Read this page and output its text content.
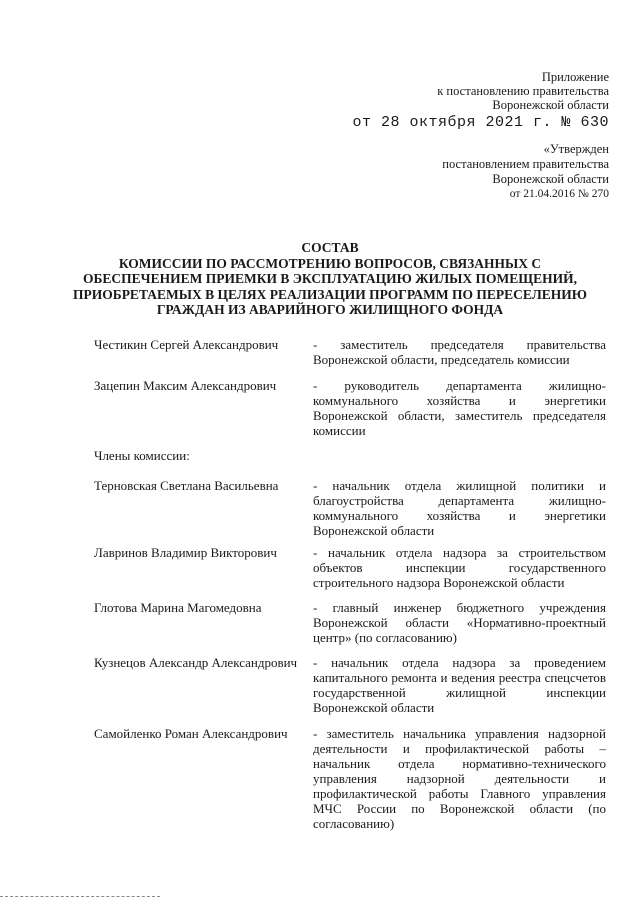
Приложение
к постановлению правительства
Воронежской области
от 28 октября 2021 г. № 630
«Утвержден
постановлением правительства
Воронежской области
от 21.04.2016 № 270
СОСТАВ
КОМИССИИ ПО РАССМОТРЕНИЮ ВОПРОСОВ, СВЯЗАННЫХ С
ОБЕСПЕЧЕНИЕМ ПРИЕМКИ В ЭКСПЛУАТАЦИЮ ЖИЛЫХ ПОМЕЩЕНИЙ,
ПРИОБРЕТАЕМЫХ В ЦЕЛЯХ РЕАЛИЗАЦИИ ПРОГРАММ ПО ПЕРЕСЕЛЕНИЮ
ГРАЖДАН ИЗ АВАРИЙНОГО ЖИЛИЩНОГО ФОНДА
Честикин Сергей Александрович	- заместитель председателя правительства Воронежской области, председатель комиссии
Зацепин Максим Александрович	- руководитель департамента жилищно-коммунального хозяйства и энергетики Воронежской области, заместитель председателя комиссии
Члены комиссии:
Терновская Светлана Васильевна	- начальник отдела жилищной политики и благоустройства департамента жилищно-коммунального хозяйства и энергетики Воронежской области
Лавринов Владимир Викторович	- начальник отдела надзора за строительством объектов инспекции государственного строительного надзора Воронежской области
Глотова Марина Магомедовна	- главный инженер бюджетного учреждения Воронежской области «Нормативно-проектный центр» (по согласованию)
Кузнецов Александр Александрович - начальник отдела надзора за проведением капитального ремонта и ведения реестра спецсчетов государственной жилищной инспекции Воронежской области
Самойленко Роман Александрович - заместитель начальника управления надзорной деятельности и профилактической работы – начальник отдела нормативно-технического управления надзорной деятельности и профилактической работы Главного управления МЧС России по Воронежской области (по согласованию)
